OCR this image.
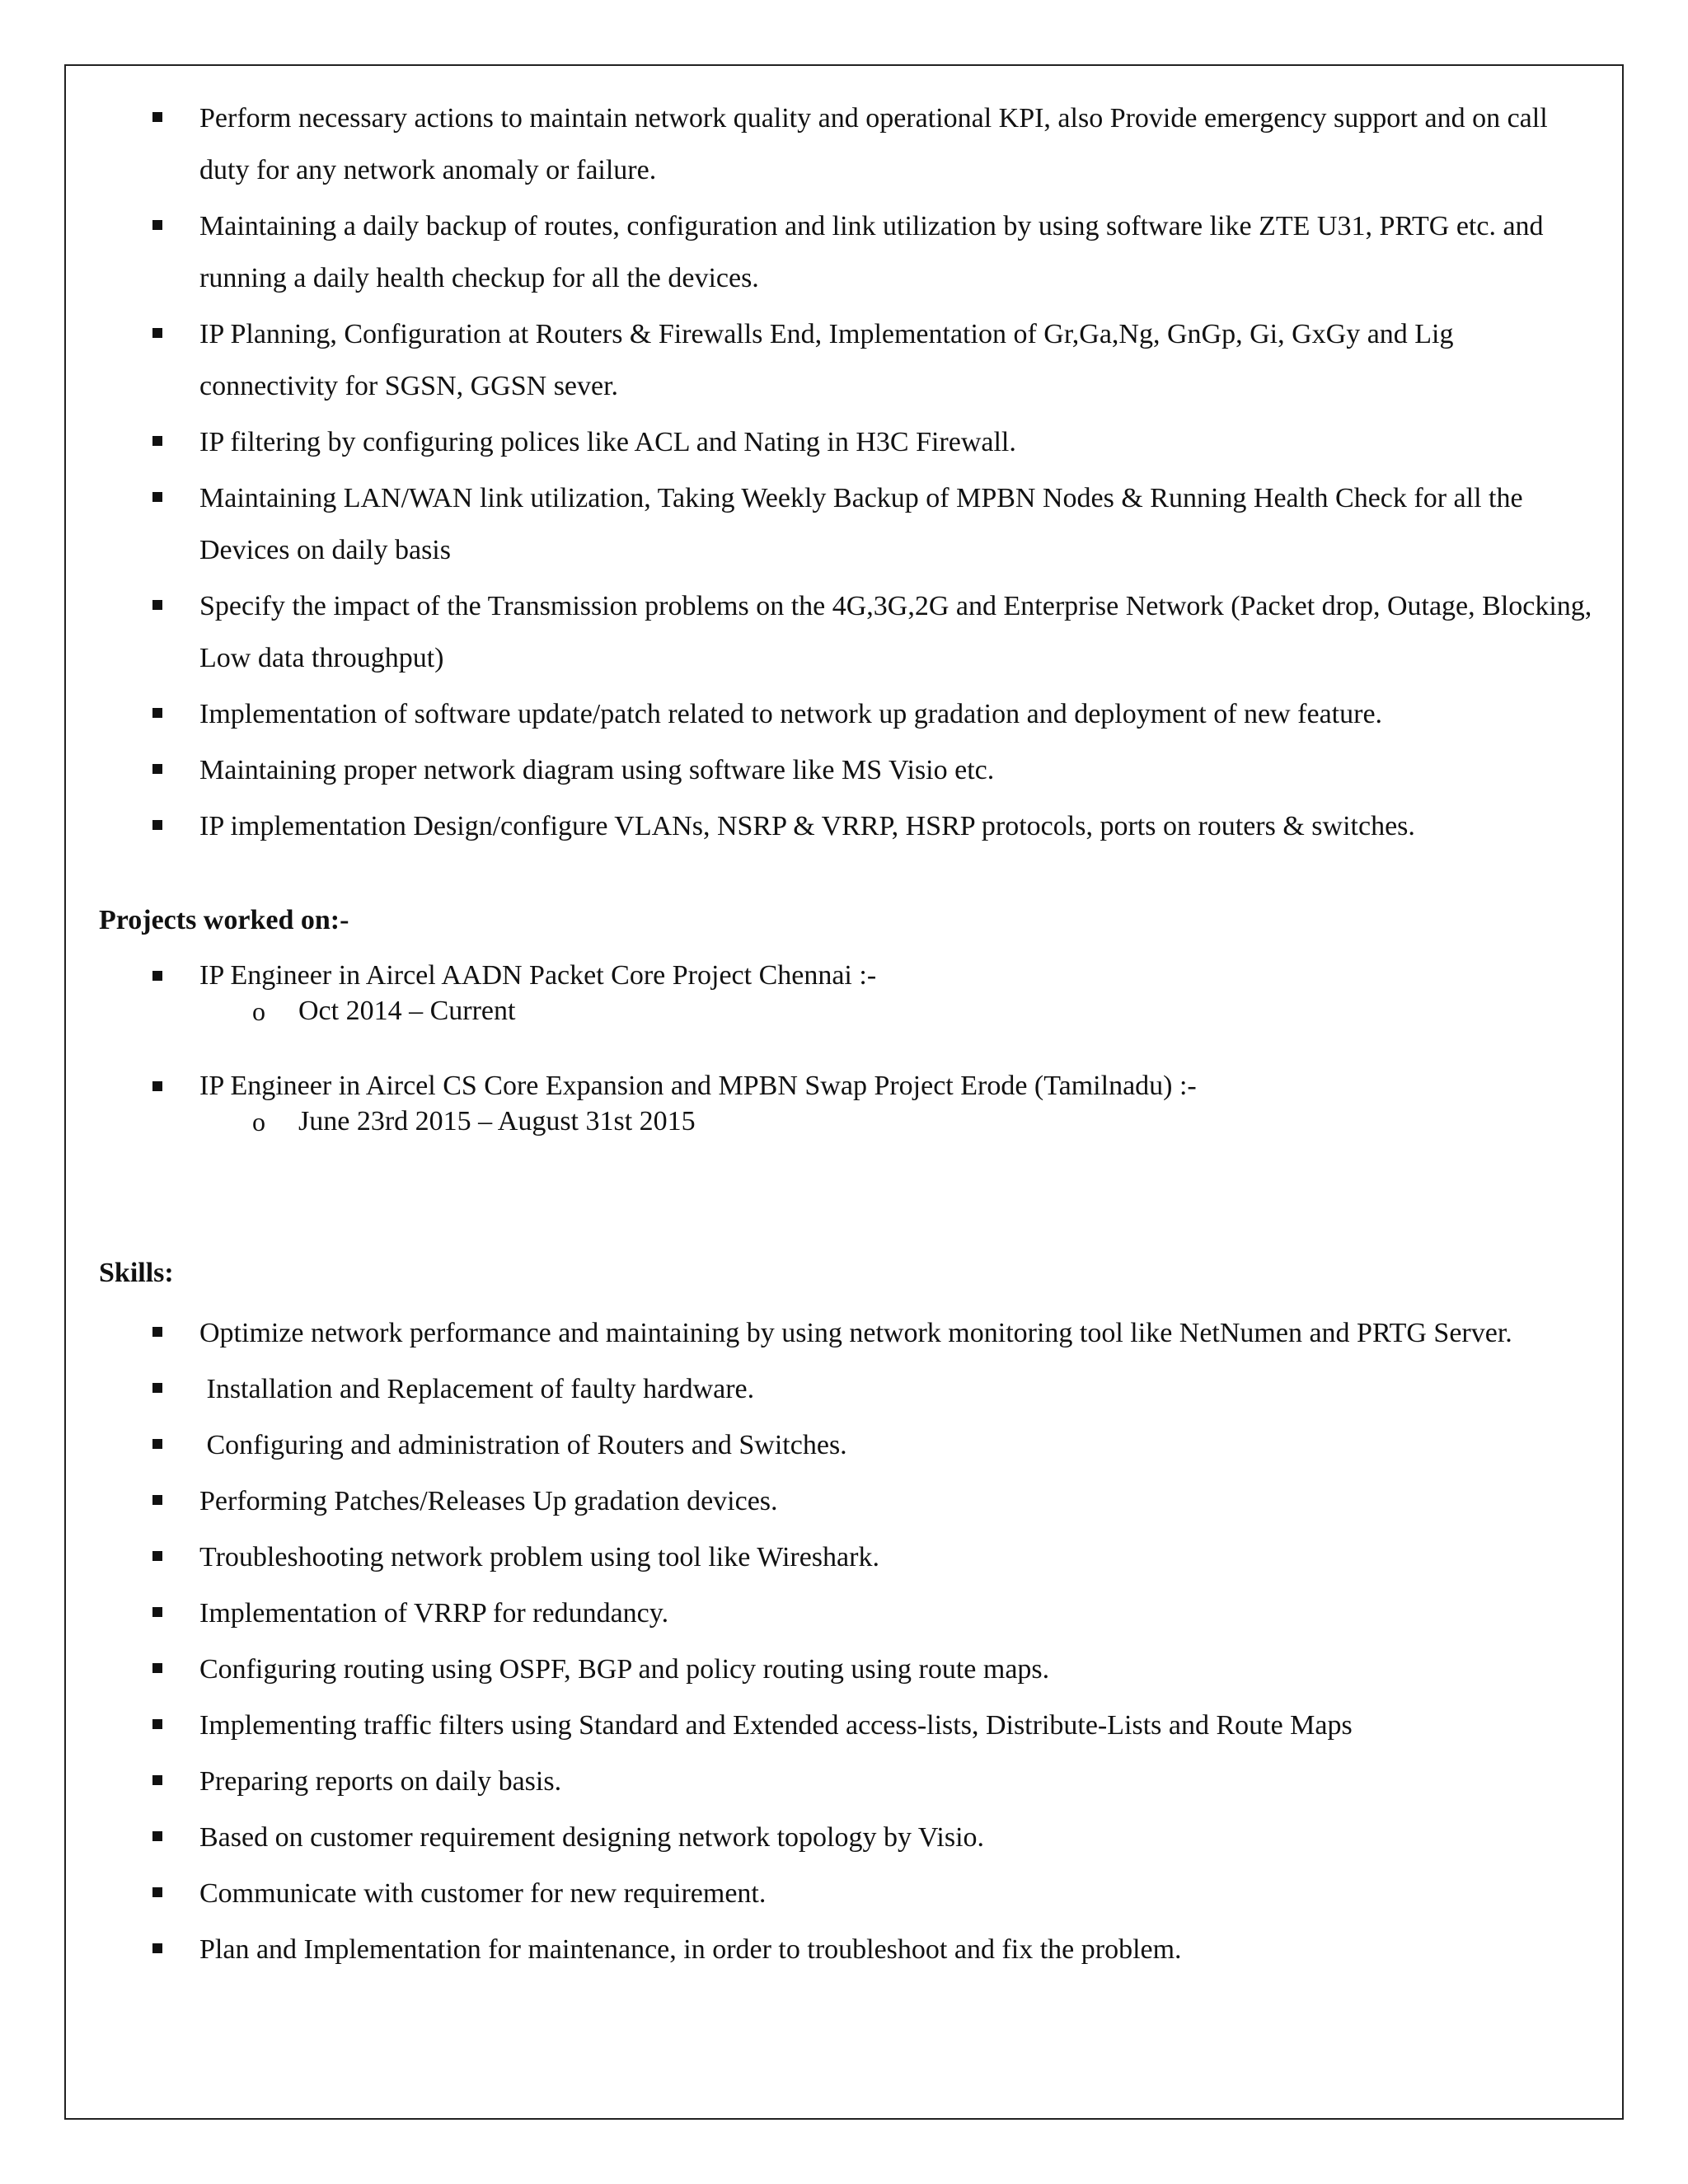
Perform necessary actions to maintain network quality and operational KPI, also Provide emergency support and on call duty for any network anomaly or failure.
Maintaining a daily backup of routes, configuration and link utilization by using software like ZTE U31, PRTG etc. and running a daily health checkup for all the devices.
IP Planning, Configuration at Routers & Firewalls End, Implementation of Gr,Ga,Ng, GnGp, Gi, GxGy and Lig connectivity for SGSN, GGSN sever.
IP filtering by configuring polices like ACL and Nating in H3C Firewall.
Maintaining LAN/WAN link utilization, Taking Weekly Backup of MPBN Nodes & Running Health Check for all the Devices on daily basis
Specify the impact of the Transmission problems on the 4G,3G,2G and Enterprise Network (Packet drop, Outage, Blocking, Low data throughput)
Implementation of software update/patch related to network up gradation and deployment of new feature.
Maintaining proper network diagram using software like MS Visio etc.
IP implementation Design/configure VLANs, NSRP & VRRP, HSRP protocols, ports on routers & switches.
Projects worked on:-
IP Engineer in Aircel AADN Packet Core Project Chennai :-
o Oct 2014 – Current
IP Engineer in Aircel CS Core Expansion and MPBN Swap Project Erode (Tamilnadu) :-
o June 23rd 2015 – August 31st 2015
Skills:
Optimize network performance and maintaining by using network monitoring tool like NetNumen and PRTG Server.
Installation and Replacement of faulty hardware.
Configuring and administration of Routers and Switches.
Performing Patches/Releases Up gradation devices.
Troubleshooting network problem using tool like Wireshark.
Implementation of VRRP for redundancy.
Configuring routing using OSPF, BGP and policy routing using route maps.
Implementing traffic filters using Standard and Extended access-lists, Distribute-Lists and Route Maps
Preparing reports on daily basis.
Based on customer requirement designing network topology by Visio.
Communicate with customer for new requirement.
Plan and Implementation for maintenance, in order to troubleshoot and fix the problem.
